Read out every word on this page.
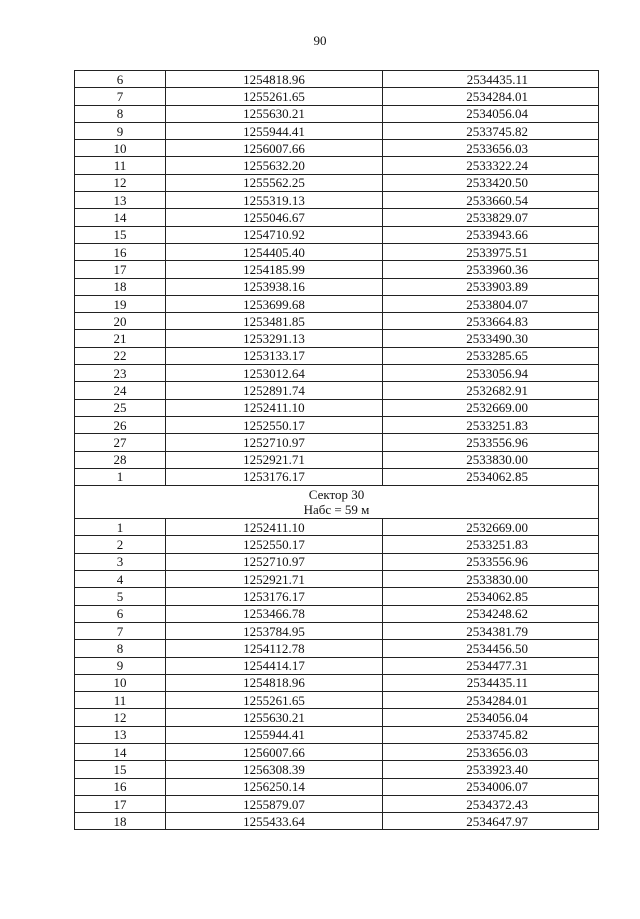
90
6	1254818.96	2534435.11
7	1255261.65	2534284.01
8	1255630.21	2534056.04
9	1255944.41	2533745.82
10	1256007.66	2533656.03
11	1255632.20	2533322.24
12	1255562.25	2533420.50
13	1255319.13	2533660.54
14	1255046.67	2533829.07
15	1254710.92	2533943.66
16	1254405.40	2533975.51
17	1254185.99	2533960.36
18	1253938.16	2533903.89
19	1253699.68	2533804.07
20	1253481.85	2533664.83
21	1253291.13	2533490.30
22	1253133.17	2533285.65
23	1253012.64	2533056.94
24	1252891.74	2532682.91
25	1252411.10	2532669.00
26	1252550.17	2533251.83
27	1252710.97	2533556.96
28	1252921.71	2533830.00
1	1253176.17	2534062.85

Сектор 30
Набс = 59 м		

1	1252411.10	2532669.00
2	1252550.17	2533251.83
3	1252710.97	2533556.96
4	1252921.71	2533830.00
5	1253176.17	2534062.85
6	1253466.78	2534248.62
7	1253784.95	2534381.79
8	1254112.78	2534456.50
9	1254414.17	2534477.31
10	1254818.96	2534435.11
11	1255261.65	2534284.01
12	1255630.21	2534056.04
13	1255944.41	2533745.82
14	1256007.66	2533656.03
15	1256308.39	2533923.40
16	1256250.14	2534006.07
17	1255879.07	2534372.43
18	1255433.64	2534647.97
